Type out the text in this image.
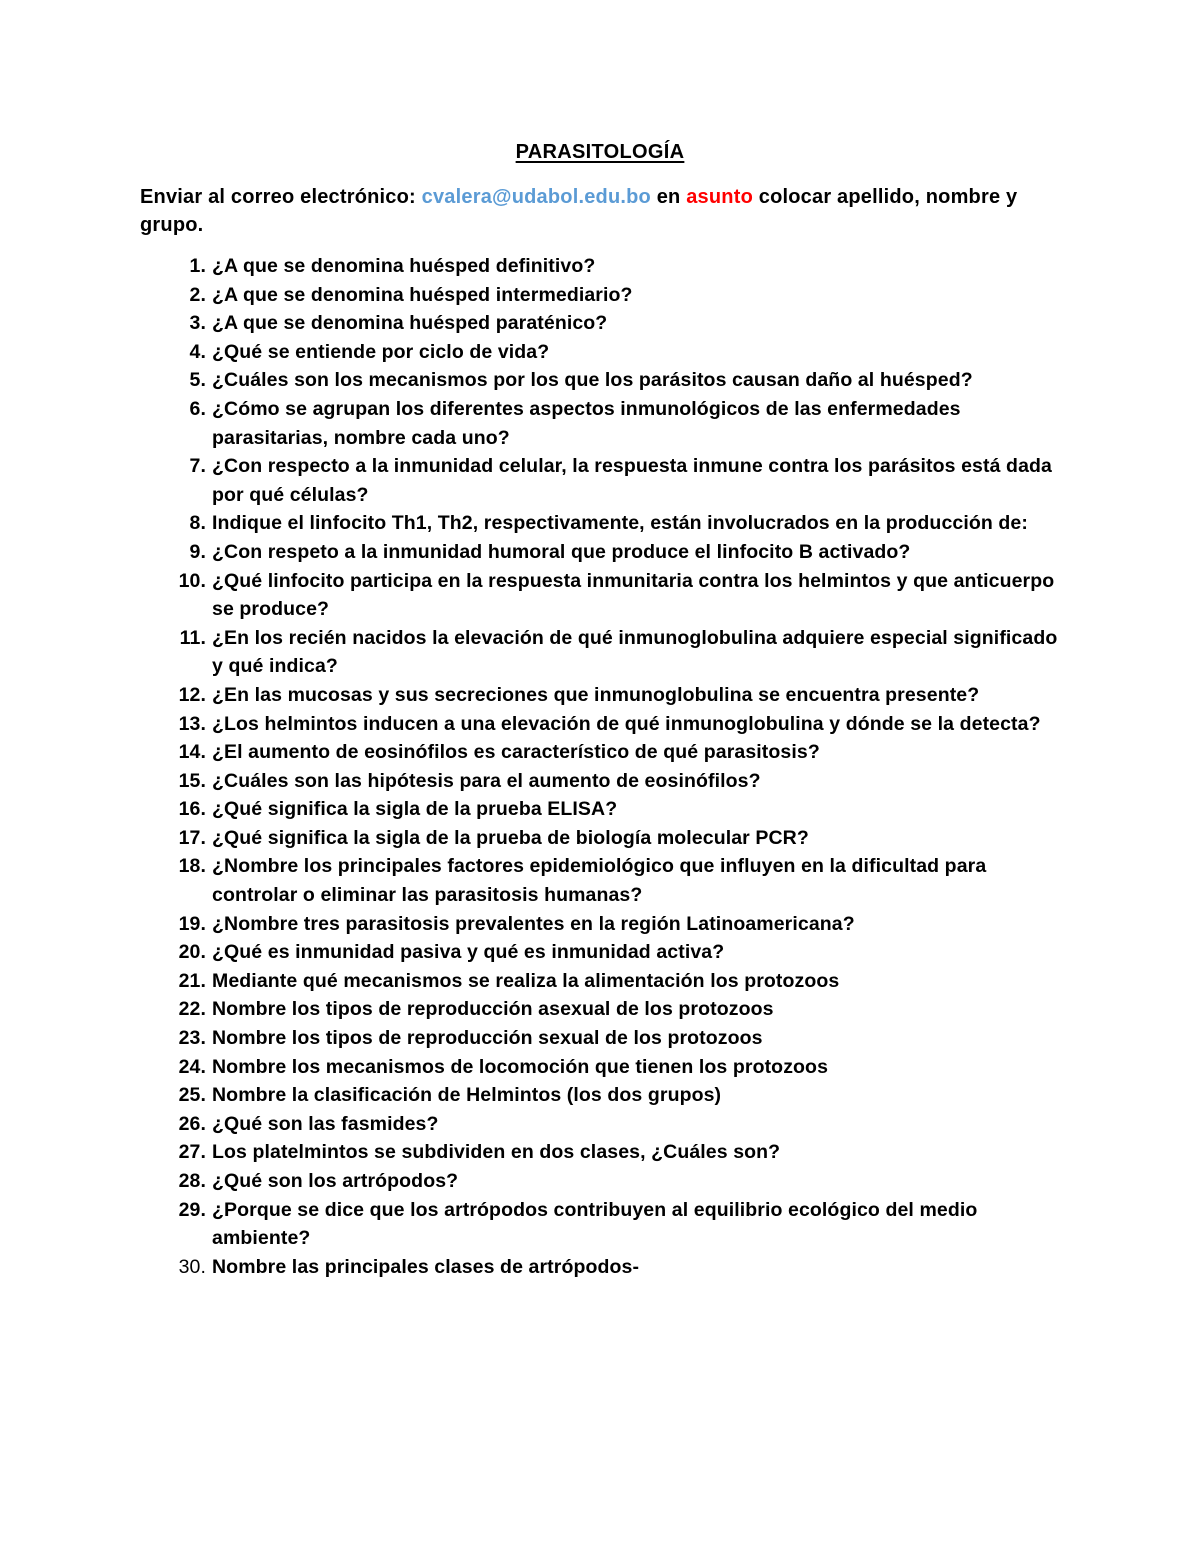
PARASITOLOGÍA
Enviar al correo electrónico: cvalera@udabol.edu.bo en asunto colocar apellido, nombre y grupo.
1. ¿A que se denomina huésped definitivo?
2. ¿A que se denomina huésped intermediario?
3. ¿A que se denomina huésped paraténico?
4. ¿Qué se entiende por ciclo de vida?
5. ¿Cuáles son los mecanismos por los que los parásitos causan daño al huésped?
6. ¿Cómo se agrupan los diferentes aspectos inmunológicos de las enfermedades parasitarias, nombre cada uno?
7. ¿Con respecto a la inmunidad celular, la respuesta inmune contra los parásitos está dada por qué células?
8. Indique el linfocito Th1, Th2, respectivamente, están involucrados en la producción de:
9. ¿Con respeto a la inmunidad humoral que produce el linfocito B activado?
10. ¿Qué linfocito participa en la respuesta inmunitaria contra los helmintos y que anticuerpo se produce?
11. ¿En los recién nacidos la elevación de qué inmunoglobulina adquiere especial significado y qué indica?
12. ¿En las mucosas y sus secreciones que inmunoglobulina se encuentra presente?
13. ¿Los helmintos inducen a una elevación de qué inmunoglobulina y dónde se la detecta?
14. ¿El aumento de eosinófilos es característico de qué parasitosis?
15. ¿Cuáles son las hipótesis para el aumento de eosinófilos?
16. ¿Qué significa la sigla de la prueba ELISA?
17. ¿Qué significa la sigla de la prueba de biología molecular PCR?
18. ¿Nombre los principales factores epidemiológico que influyen en la dificultad para controlar o eliminar las parasitosis humanas?
19. ¿Nombre tres parasitosis prevalentes en la región Latinoamericana?
20. ¿Qué es inmunidad pasiva y qué es inmunidad activa?
21. Mediante qué mecanismos se realiza la alimentación los protozoos
22. Nombre los tipos de reproducción asexual de los protozoos
23. Nombre los tipos de reproducción sexual de los protozoos
24. Nombre los mecanismos de locomoción que tienen los protozoos
25. Nombre la clasificación de Helmintos (los dos grupos)
26. ¿Qué son las fasmides?
27. Los platelmintos se subdividen en dos clases, ¿Cuáles son?
28. ¿Qué son los artrópodos?
29. ¿Porque se dice que los artrópodos contribuyen al equilibrio ecológico del medio ambiente?
30. Nombre las principales clases de artrópodos-
